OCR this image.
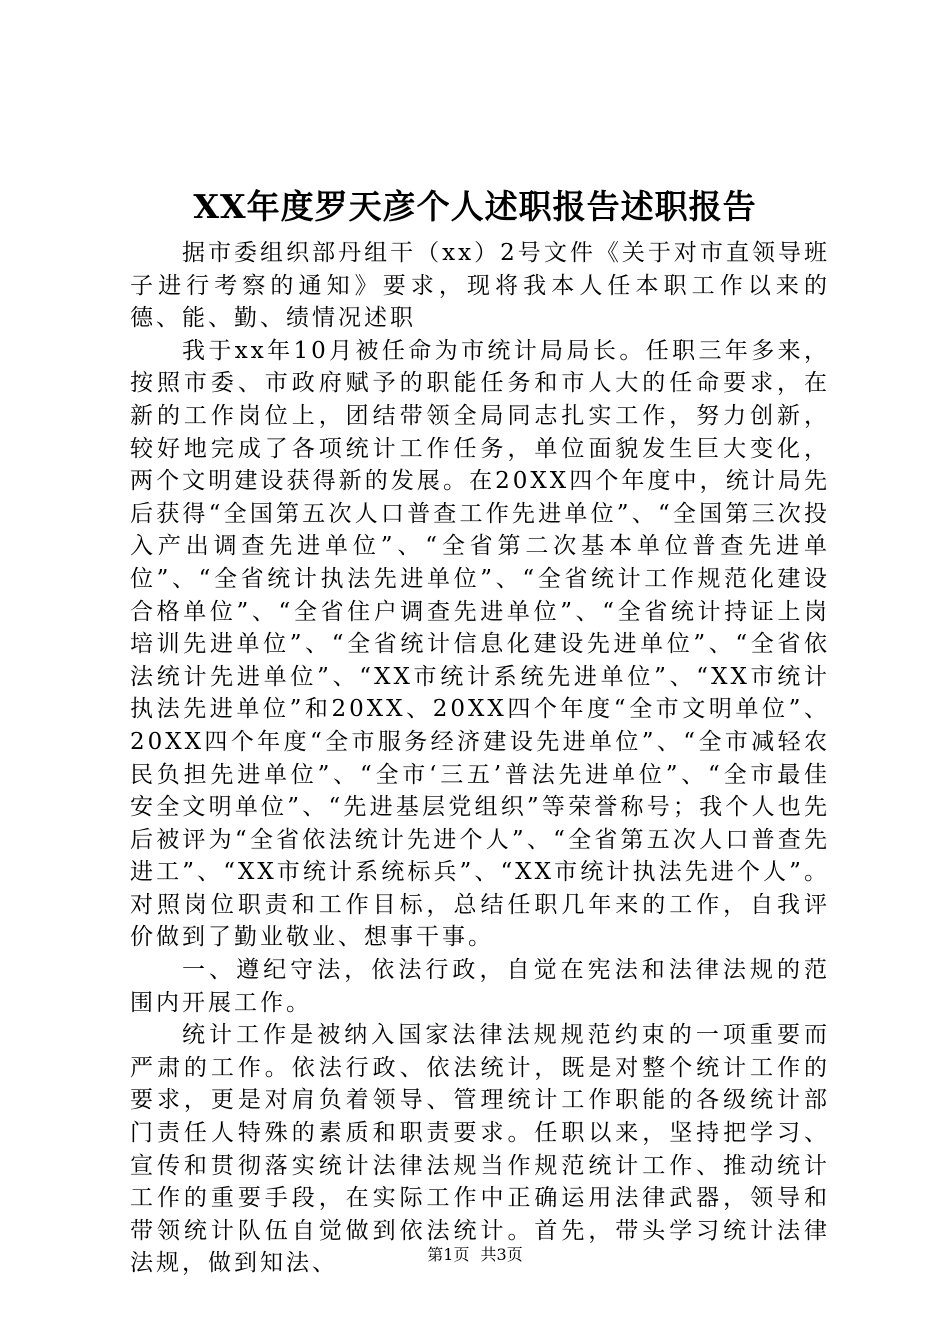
XX年度罗天彦个人述职报告述职报告

据市委组织部丹组干（xx）2号文件《关于对市直领导班子进行考察的通知》要求，现将我本人任本职工作以来的德、能、勤、绩情况述职

我于xx年10月被任命为市统计局局长。任职三年多来，按照市委、市政府赋予的职能任务和市人大的任命要求，在新的工作岗位上，团结带领全局同志扎实工作，努力创新，较好地完成了各项统计工作任务，单位面貌发生巨大变化，两个文明建设获得新的发展。在20XX四个年度中，统计局先后获得“全国第五次人口普查工作先进单位”、“全国第三次投入产出调查先进单位”、“全省第二次基本单位普查先进单位”、“全省统计执法先进单位”、“全省统计工作规范化建设合格单位”、“全省住户调查先进单位”、“全省统计持证上岗培训先进单位”、“全省统计信息化建设先进单位”、“全省依法统计先进单位”、“XX市统计系统先进单位”、“XX市统计执法先进单位”和20XX、20XX四个年度“全市文明单位”、20XX四个年度“全市服务经济建设先进单位”、“全市减轻农民负担先进单位”、“全市‘三五’普法先进单位”、“全市最佳安全文明单位”、“先进基层党组织”等荣誉称号；我个人也先后被评为“全省依法统计先进个人”、“全省第五次人口普查先进工”、“XX市统计系统标兵”、“XX市统计执法先进个人”。对照岗位职责和工作目标，总结任职几年来的工作，自我评价做到了勤业敬业、想事干事。

一、遵纪守法，依法行政，自觉在宪法和法律法规的范围内开展工作。

统计工作是被纳入国家法律法规规范约束的一项重要而严肃的工作。依法行政、依法统计，既是对整个统计工作的要求，更是对肩负着领导、管理统计工作职能的各级统计部门责任人特殊的素质和职责要求。任职以来，坚持把学习、宣传和贯彻落实统计法律法规当作规范统计工作、推动统计工作的重要手段，在实际工作中正确运用法律武器，领导和带领统计队伍自觉做到依法统计。首先，带头学习统计法律法规，做到知法、	第1页 共3页
